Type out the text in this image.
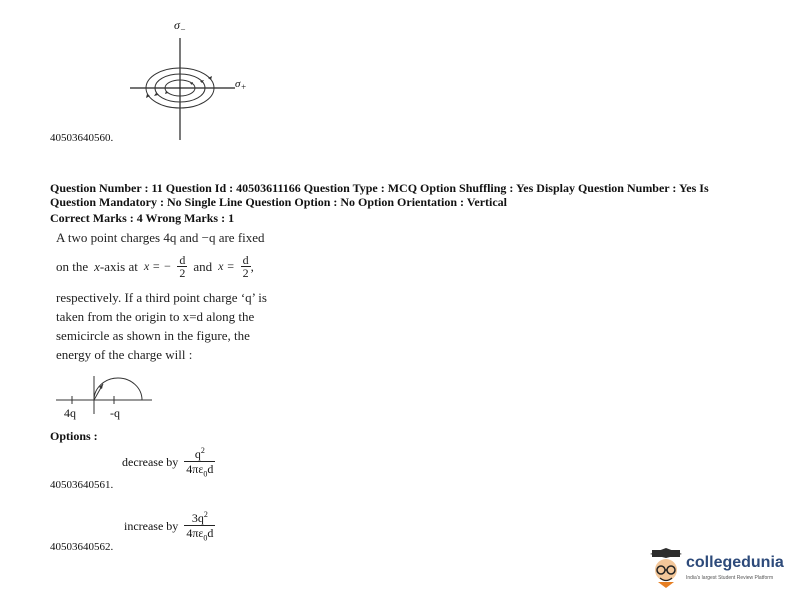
$\sigma_-$
$\sigma_+$
40503640560.
Question Number : 11 Question Id : 40503611166 Question Type : MCQ Option Shuffling : Yes Display Question Number : Yes Is
Question Mandatory : No Single Line Question Option : No Option Orientation : Vertical
Correct Marks : 4 Wrong Marks : 1
A two point charges 4q and −q are fixed
on the x-axis at x = − $\frac{d}{2}$ and $x = \frac{d}{2}$ ,
respectively. If a third point charge ‘q’ is
taken from the origin to x=d along the
semicircle as shown in the figure, the
energy of the charge will :
4q	-q
Options :
decrease by $\frac{q^2}{4\pi\varepsilon_0d}$
40503640561.
increase by $\frac{3q^2}{4\pi\varepsilon_0d}$
40503640562.
collegedunia
India's largest Student Review Platform
